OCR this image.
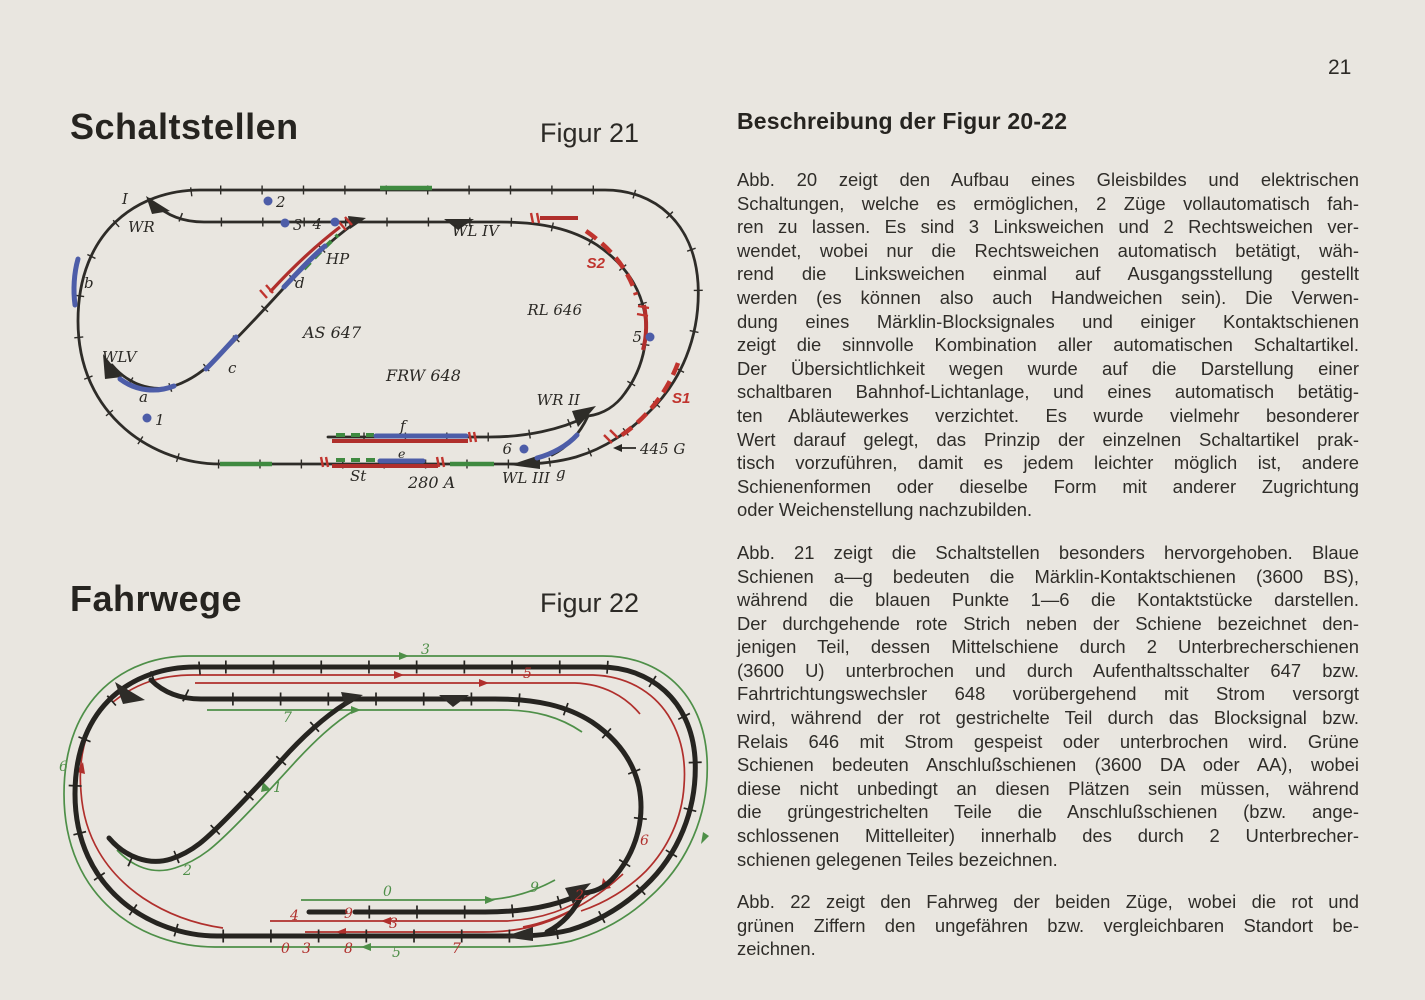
21
Schaltstellen	Figur 21
I
WR
2
3 4
HP
d
AS 647
b
WLV
c
a
1
FRW 648
WL IV
S2
RL 646
5
WR II	S1
445 G
6
f
e
St	280 A	WL III g
Fahrwege	Figur 22
3
5
7
6
1
2
0	9	2
6
4	9
3
0 3 8	5	7
Beschreibung der Figur 20-22
Abb. 20 zeigt den Aufbau eines Gleisbildes und elektrischen
Schaltungen, welche es ermöglichen, 2 Züge vollautomatisch fah-
ren zu lassen. Es sind 3 Linksweichen und 2 Rechtsweichen ver-
wendet, wobei nur die Rechtsweichen automatisch betätigt, wäh-
rend die Linksweichen einmal auf Ausgangsstellung gestellt
werden (es können also auch Handweichen sein). Die Verwen-
dung eines Märklin-Blocksignales und einiger Kontaktschienen
zeigt die sinnvolle Kombination aller automatischen Schaltartikel.
Der Übersichtlichkeit wegen wurde auf die Darstellung einer
schaltbaren Bahnhof-Lichtanlage, und eines automatisch betätig-
ten Abläutewerkes verzichtet. Es wurde vielmehr besonderer
Wert darauf gelegt, das Prinzip der einzelnen Schaltartikel prak-
tisch vorzuführen, damit es jedem leichter möglich ist, andere
Schienenformen oder dieselbe Form mit anderer Zugrichtung
oder Weichenstellung nachzubilden.
Abb. 21 zeigt die Schaltstellen besonders hervorgehoben. Blaue
Schienen a—g bedeuten die Märklin-Kontaktschienen (3600 BS),
während die blauen Punkte 1—6 die Kontaktstücke darstellen.
Der durchgehende rote Strich neben der Schiene bezeichnet den-
jenigen Teil, dessen Mittelschiene durch 2 Unterbrecherschienen
(3600 U) unterbrochen und durch Aufenthaltsschalter 647 bzw.
Fahrtrichtungswechsler 648 vorübergehend mit Strom versorgt
wird, während der rot gestrichelte Teil durch das Blocksignal bzw.
Relais 646 mit Strom gespeist oder unterbrochen wird. Grüne
Schienen bedeuten Anschlußschienen (3600 DA oder AA), wobei
diese nicht unbedingt an diesen Plätzen sein müssen, während
die grüngestrichelten Teile die Anschlußschienen (bzw. ange-
schlossenen Mittelleiter) innerhalb des durch 2 Unterbrecher-
schienen gelegenen Teiles bezeichnen.
Abb. 22 zeigt den Fahrweg der beiden Züge, wobei die rot und
grünen Ziffern den ungefähren bzw. vergleichbaren Standort be-
zeichnen.
